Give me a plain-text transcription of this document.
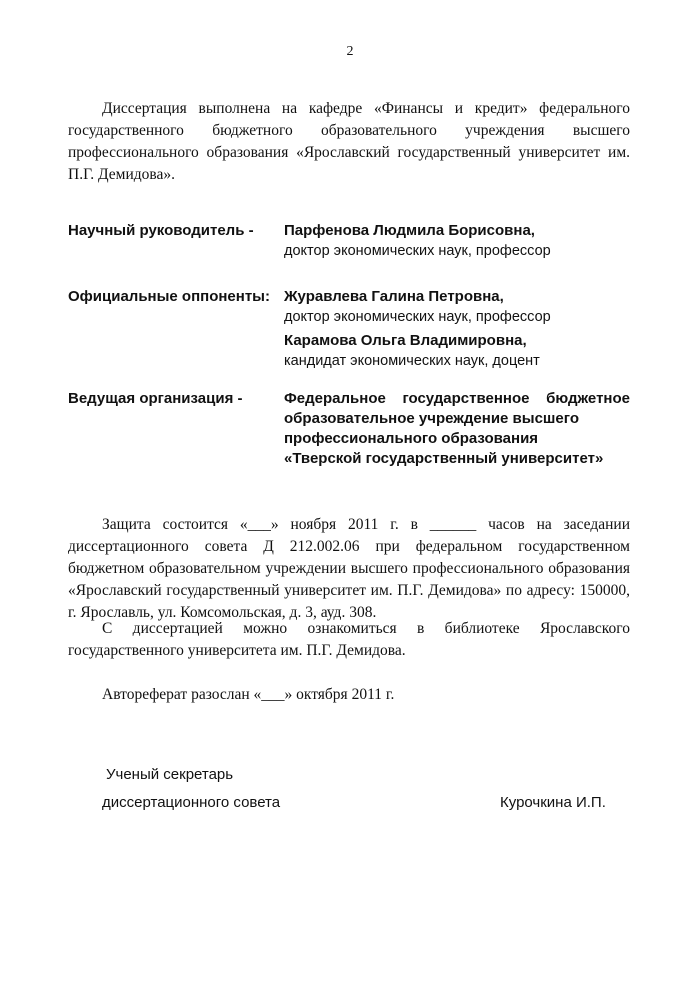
2
Диссертация выполнена на кафедре «Финансы и кредит» федерального государственного бюджетного образовательного учреждения высшего профессионального образования «Ярославский государственный университет им. П.Г. Демидова».
Научный руководитель - Парфенова Людмила Борисовна,
доктор экономических наук, профессор
Официальные оппоненты: Журавлева Галина Петровна,
доктор экономических наук, профессор
Карамова Ольга Владимировна,
кандидат экономических наук, доцент
Ведущая организация -	Федеральное государственное бюджетное
образовательное учреждение высшего
профессионального образования
«Тверской государственный университет»
Защита состоится «___» ноября 2011 г. в ______ часов на заседании диссертационного совета Д 212.002.06 при федеральном государственном бюджетном образовательном учреждении высшего профессионального образования «Ярославский государственный университет им. П.Г. Демидова» по адресу: 150000, г. Ярославль, ул. Комсомольская, д. 3, ауд. 308.
С диссертацией можно ознакомиться в библиотеке Ярославского государственного университета им. П.Г. Демидова.
Автореферат разослан «___» октября 2011 г.
Ученый секретарь
диссертационного совета	Курочкина И.П.
